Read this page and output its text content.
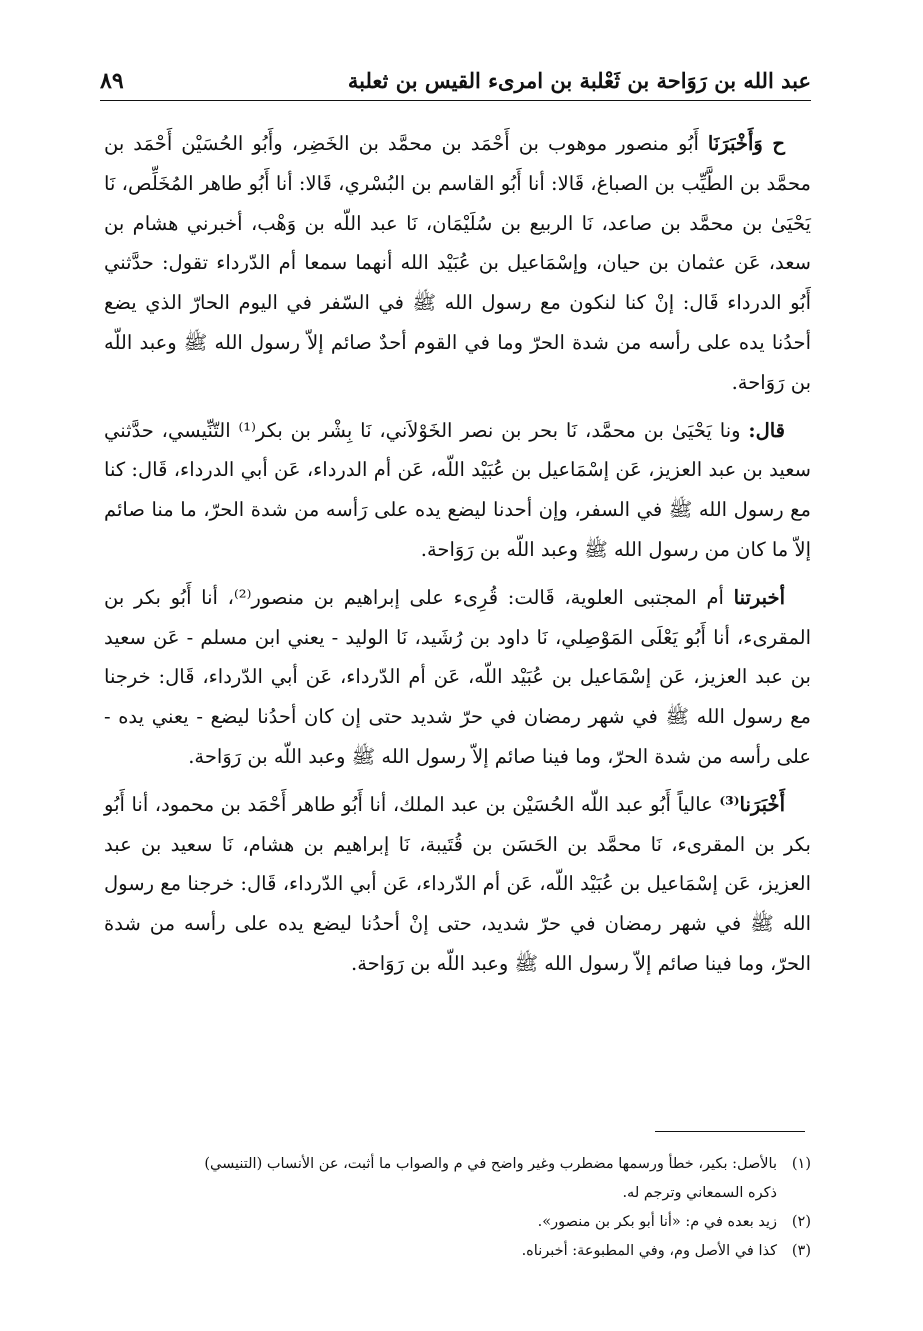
عبد الله بن رَوَاحة بن ثَعْلبة بن امرىء القيس بن ثعلبة
٨٩

ح وَأَخْبَرَنَا أَبُو منصور موهوب بن أَحْمَد بن محمَّد بن الخَضِر، وأَبُو الحُسَيْن أَحْمَد بن محمَّد بن الطَّيِّب بن الصباغ، قَالا: أنا أَبُو القاسم بن البُسْري، قَالا: أنا أَبُو طاهر المُخَلِّص، نَا يَحْيَىٰ بن محمَّد بن صاعد، نَا الربيع بن سُلَيْمَان، نَا عبد اللّه بن وَهْب، أخبرني هشام بن سعد، عَن عثمان بن حيان، وإسْمَاعيل بن عُبَيْد الله أنهما سمعا أم الدّرداء تقول: حدَّثني أَبُو الدرداء قَال: إنْ كنا لنكون مع رسول الله ﷺ في السّفر في اليوم الحارّ الذي يضع أحدُنا يده على رأسه من شدة الحرّ وما في القوم أحدٌ صائم إلاّ رسول الله ﷺ وعبد اللّه بن رَوَاحة.

قال: ونا يَحْيَىٰ بن محمَّد، نَا بحر بن نصر الخَوْلاَني، نَا بِشْر بن بكر⁽¹⁾ التّنِّيسي، حدَّثني سعيد بن عبد العزيز، عَن إسْمَاعيل بن عُبَيْد اللّه، عَن أم الدرداء، عَن أبي الدرداء، قَال: كنا مع رسول الله ﷺ في السفر، وإن أحدنا ليضع يده على رَأسه من شدة الحرّ، ما منا صائم إلاّ ما كان من رسول الله ﷺ وعبد اللّه بن رَوَاحة.

أخبرتنا أم المجتبى العلوية، قَالت: قُرِىء على إبراهيم بن منصور⁽²⁾، أنا أَبُو بكر بن المقرىء، أنا أَبُو يَعْلَى المَوْصِلي، نَا داود بن رُشَيد، نَا الوليد - يعني ابن مسلم - عَن سعيد بن عبد العزيز، عَن إسْمَاعيل بن عُبَيْد اللّه، عَن أم الدّرداء، عَن أبي الدّرداء، قَال: خرجنا مع رسول الله ﷺ في شهر رمضان في حرّ شديد حتى إن كان أحدُنا ليضع - يعني يده - على رأسه من شدة الحرّ، وما فينا صائم إلاّ رسول الله ﷺ وعبد اللّه بن رَوَاحة.

أَخْبَرَنا⁽³⁾ عالياً أَبُو عبد اللّه الحُسَيْن بن عبد الملك، أنا أَبُو طاهر أَحْمَد بن محمود، أنا أَبُو بكر بن المقرىء، نَا محمَّد بن الحَسَن بن قُتَيبة، نَا إبراهيم بن هشام، نَا سعيد بن عبد العزيز، عَن إسْمَاعيل بن عُبَيْد اللّه، عَن أم الدّرداء، عَن أبي الدّرداء، قَال: خرجنا مع رسول الله ﷺ في شهر رمضان في حرّ شديد، حتى إنْ أحدُنا ليضع يده على رأسه من شدة الحرّ، وما فينا صائم إلاّ رسول الله ﷺ وعبد اللّه بن رَوَاحة.

(١)
بالأصل: بكير، خطأ ورسمها مضطرب وغير واضح في م والصواب ما أثبت، عن الأنساب (التنيسي)
ذكره السمعاني وترجم له.

(٢)
زيد بعده في م: «أنا أبو بكر بن منصور».

(٣)
كذا في الأصل وم، وفي المطبوعة: أخبرناه.
